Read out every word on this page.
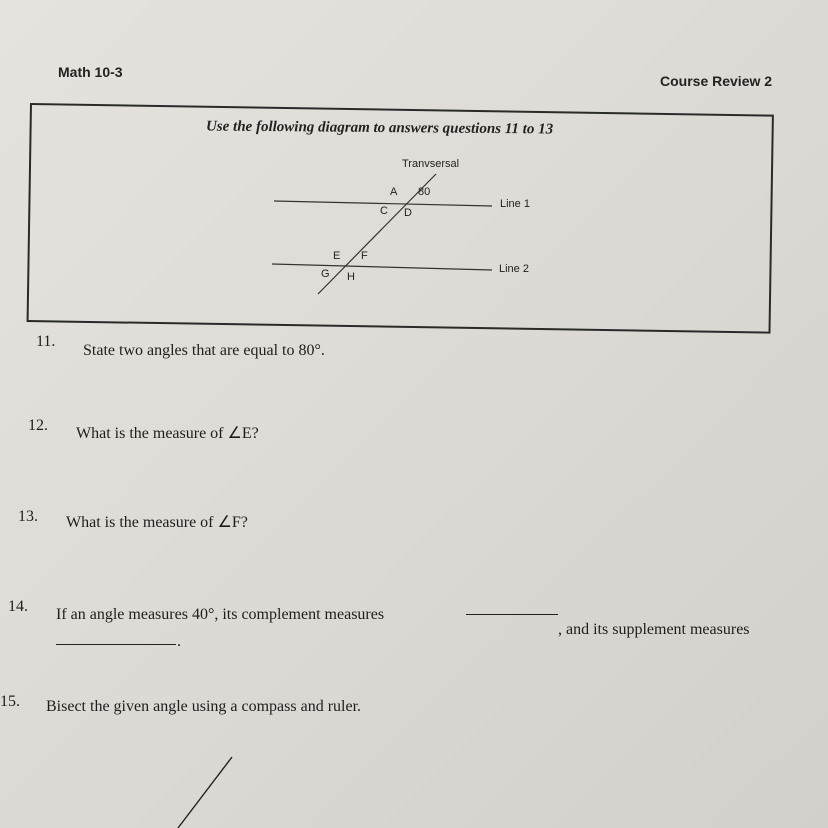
Math 10-3
Course Review 2
Use the following diagram to answers questions 11 to 13
Tranvsersal
Line 1
Line 2
A 80
C D
E F
G H
11.
State two angles that are equal to 80°.
12. What is the measure of ∠E?
13. What is the measure of ∠F?
14. If an angle measures 40°, its complement measures
, and its supplement measures
.
15. Bisect the given angle using a compass and ruler.
